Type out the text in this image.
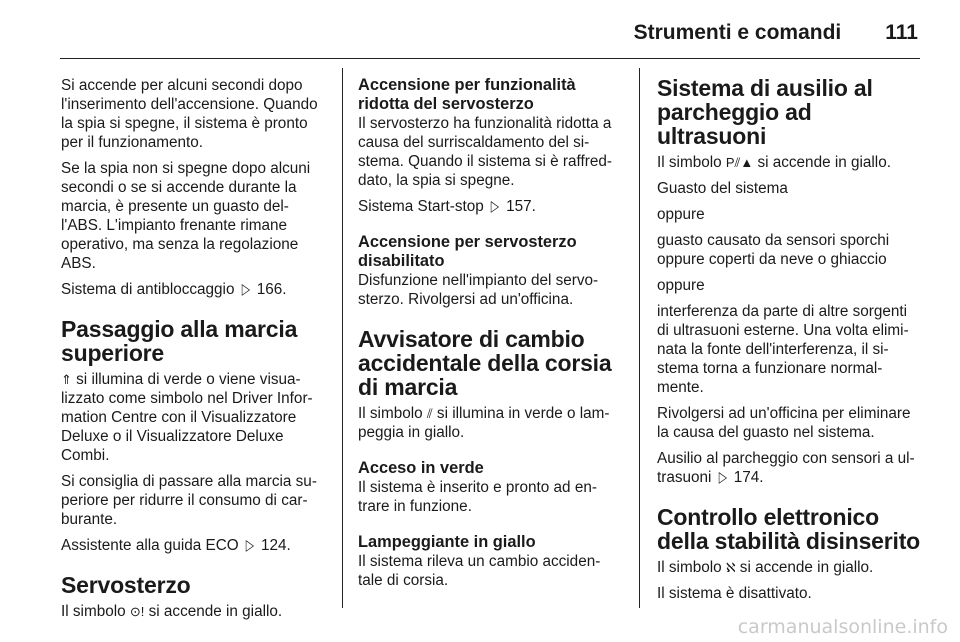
Strumenti e comandi 111

Si accende per alcuni secondi dopo l'inserimento dell'accensione. Quando la spia si spegne, il sistema è pronto per il funzionamento.

Se la spia non si spegne dopo alcuni secondi o se si accende durante la marcia, è presente un guasto del-l'ABS. L'impianto frenante rimane operativo, ma senza la regolazione ABS.

Sistema di antibloccaggio ▷ 166.

Passaggio alla marcia superiore

⇑ si illumina di verde o viene visua-lizzato come simbolo nel Driver Infor-mation Centre con il Visualizzatore Deluxe o il Visualizzatore Deluxe Combi.

Si consiglia di passare alla marcia su-periore per ridurre il consumo di car-burante.

Assistente alla guida ECO ▷ 124.

Servosterzo

Il simbolo ⊙! si accende in giallo.

Accensione per funzionalità ridotta del servosterzo

Il servosterzo ha funzionalità ridotta a causa del surriscaldamento del si-stema. Quando il sistema si è raffred-dato, la spia si spegne.

Sistema Start-stop ▷ 157.

Accensione per servosterzo disabilitato

Disfunzione nell'impianto del servo-sterzo. Rivolgersi ad un'officina.

Avvisatore di cambio accidentale della corsia di marcia

Il simbolo ⫽ si illumina in verde o lam-peggia in giallo.

Acceso in verde

Il sistema è inserito e pronto ad en-trare in funzione.

Lampeggiante in giallo

Il sistema rileva un cambio acciden-tale di corsia.

Sistema di ausilio al parcheggio ad ultrasuoni

Il simbolo P⫽▲ si accende in giallo.

Guasto del sistema

oppure

guasto causato da sensori sporchi oppure coperti da neve o ghiaccio

oppure

interferenza da parte di altre sorgenti di ultrasuoni esterne. Una volta elimi-nata la fonte dell'interferenza, il si-stema torna a funzionare normal-mente.

Rivolgersi ad un'officina per eliminare la causa del guasto nel sistema.

Ausilio al parcheggio con sensori a ul-trasuoni ▷ 174.

Controllo elettronico della stabilità disinserito

Il simbolo ℵ si accende in giallo.

Il sistema è disattivato.

carmanualsonline.info
